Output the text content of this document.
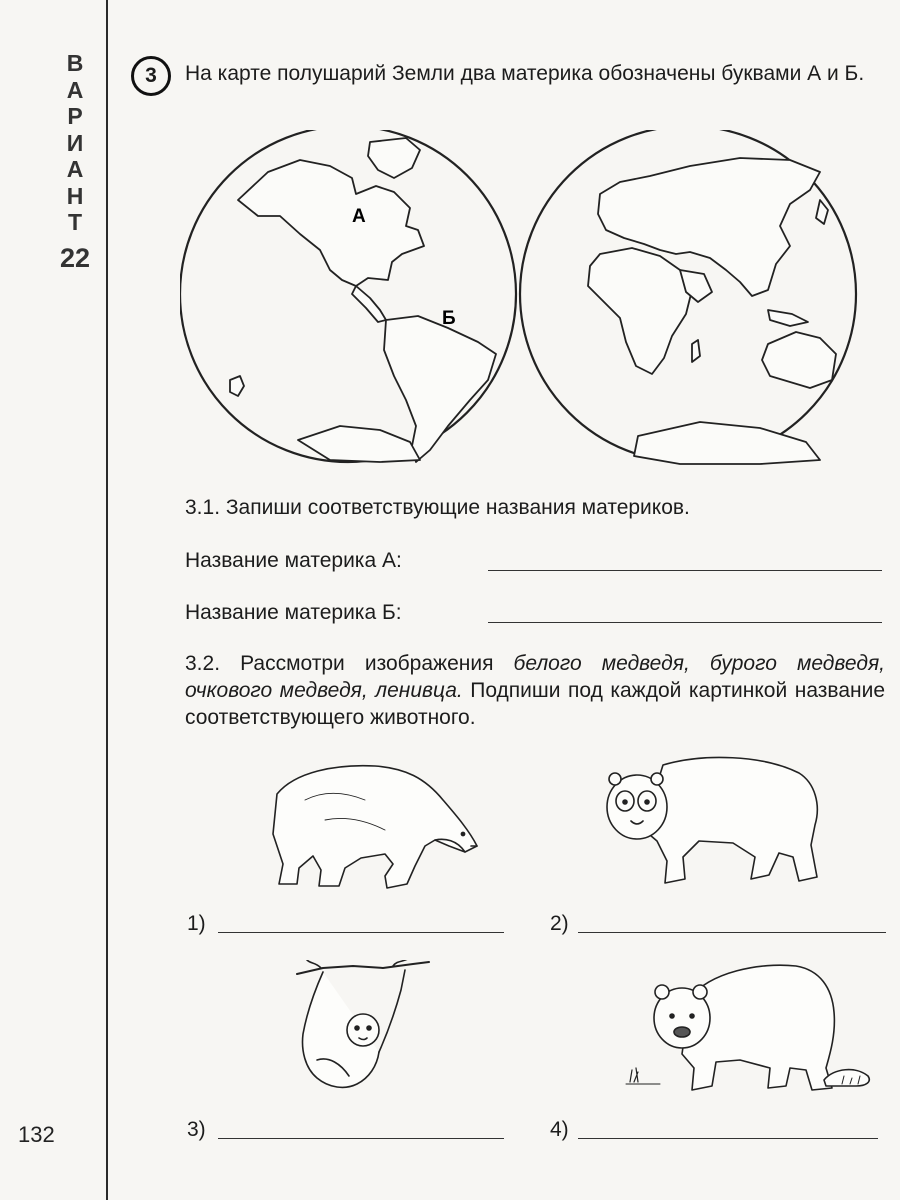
В
А
Р
И
А
Н
Т
22
132
3 На карте полушарий Земли два материка обозначены буквами А и Б.

А
Б
3.1. Запиши соответствующие названия материков.
Название материка А:
Название материка Б:

3.2. Рассмотри изображения белого медведя, бурого медведя, очкового медведя, ленивца. Подпиши под каждой картинкой название соответствующего животного.

1)	2)
3)	4)
